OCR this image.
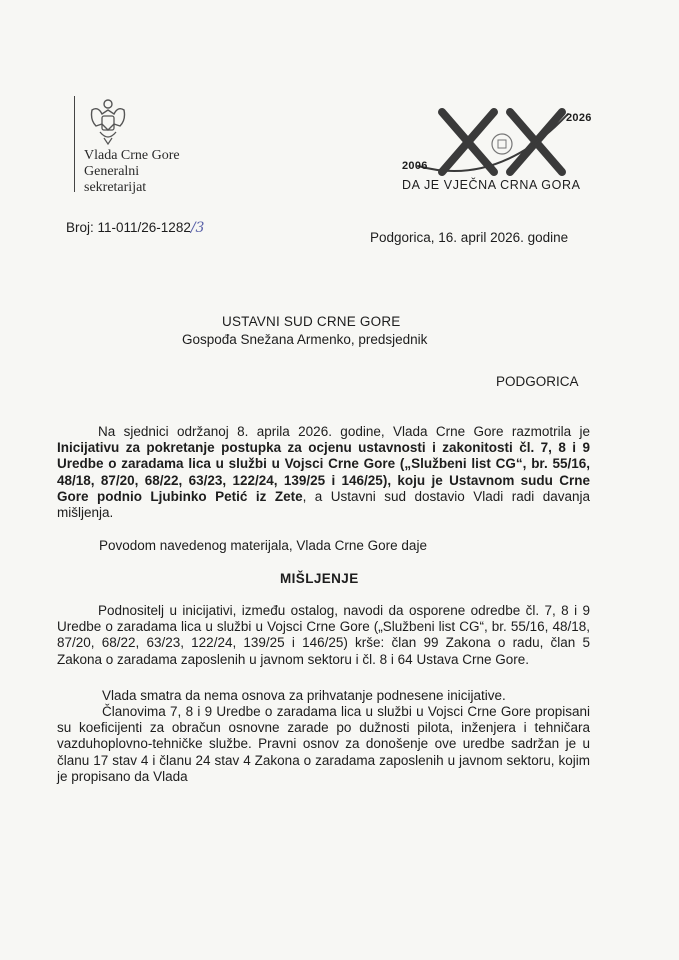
Vlada Crne Gore
Generalni
sekretarijat
2006
2026
DA JE VJEČNA CRNA GORA
Broj: 11-011/26-1282/3
Podgorica, 16. april 2026. godine
USTAVNI SUD CRNE GORE
Gospođa Snežana Armenko, predsjednik
PODGORICA
Na sjednici održanoj 8. aprila 2026. godine, Vlada Crne Gore razmotrila je Inicijativu za pokretanje postupka za ocjenu ustavnosti i zakonitosti čl. 7, 8 i 9 Uredbe o zaradama lica u službi u Vojsci Crne Gore („Službeni list CG“, br. 55/16, 48/18, 87/20, 68/22, 63/23, 122/24, 139/25 i 146/25), koju je Ustavnom sudu Crne Gore podnio Ljubinko Petić iz Zete, a Ustavni sud dostavio Vladi radi davanja mišljenja.
Povodom navedenog materijala, Vlada Crne Gore daje
MIŠLJENJE
Podnositelj u inicijativi, između ostalog, navodi da osporene odredbe čl. 7, 8 i 9 Uredbe o zaradama lica u službi u Vojsci Crne Gore („Službeni list CG“, br. 55/16, 48/18, 87/20, 68/22, 63/23, 122/24, 139/25 i 146/25) krše: član 99 Zakona o radu, član 5 Zakona o zaradama zaposlenih u javnom sektoru i čl. 8 i 64 Ustava Crne Gore.
Vlada smatra da nema osnova za prihvatanje podnesene inicijative.
Članovima 7, 8 i 9 Uredbe o zaradama lica u službi u Vojsci Crne Gore propisani su koeficijenti za obračun osnovne zarade po dužnosti pilota, inženjera i tehničara vazduhoplovno-tehničke službe. Pravni osnov za donošenje ove uredbe sadržan je u članu 17 stav 4 i članu 24 stav 4 Zakona o zaradama zaposlenih u javnom sektoru, kojim je propisano da Vlada
